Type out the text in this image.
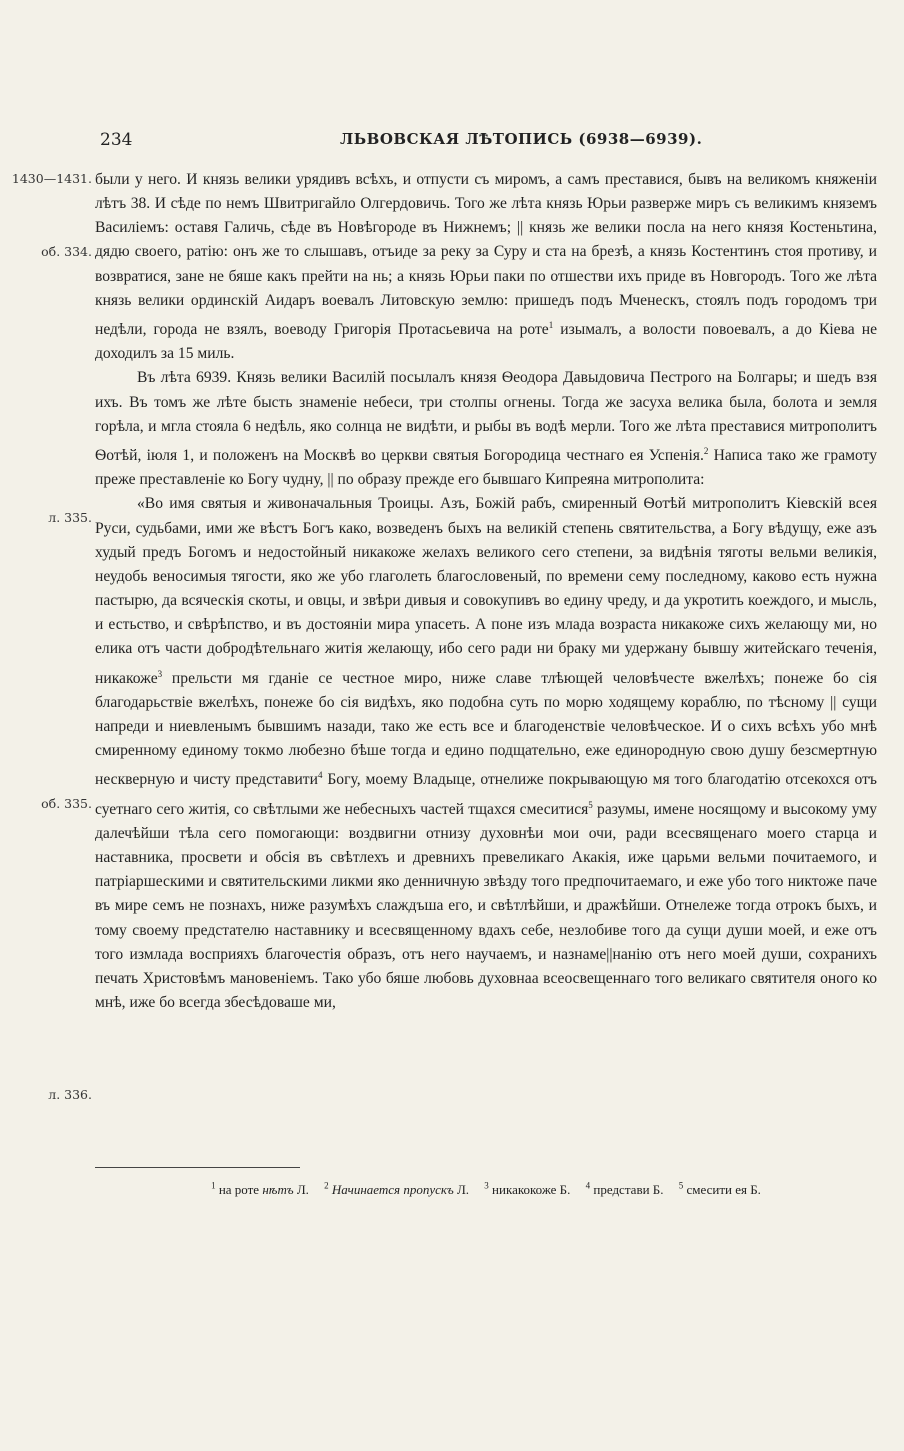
234	ЛЬВОВСКАЯ ЛѢТОПИСЬ (6938—6939).
1430—1431.
об. 334.
л. 335.
об. 335.
л. 336.

были у него. И князь велики урядивъ всѣхъ, и отпусти съ миромъ, а самъ преставися, бывъ на великомъ княженіи лѣтъ 38. И сѣде по немъ Швитригайло Олгердовичь. Того же лѣта князь Юрьи разверже миръ съ великимъ княземъ Василіемъ: оставя Галичь, сѣде въ Новѣгороде въ Нижнемъ; || князь же велики посла на него князя Костеньтина, дядю своего, ратію: онъ же то слышавъ, отъиде за реку за Суру и ста на брезѣ, а князь Костентинъ стоя противу, и возвратися, зане не бяше какъ прейти на нь; а князь Юрьи паки по отшестви ихъ приде въ Новгородъ. Того же лѣта князь велики ординскій Аидаръ воевалъ Литовскую землю: пришедъ подъ Мченескъ, стоялъ подъ городомъ три недѣли, города не взялъ, воеводу Григорія Протасьевича на роте$^1$ изымалъ, а волости повоевалъ, а до Кіева не доходилъ за 15 миль.

Въ лѣта 6939. Князь велики Василій посылалъ князя Ѳеодора Давыдовича Пестрого на Болгары; и шедъ взя ихъ. Въ томъ же лѣте бысть знаменіе небеси, три столпы огнены. Тогда же засуха велика была, болота и земля горѣла, и мгла стояла 6 недѣль, яко солнца не видѣти, и рыбы въ водѣ мерли. Того же лѣта преставися митрополитъ Ѳотѣй, іюля 1, и положенъ на Москвѣ во церкви святыя Богородица честнаго ея Успенія.$^2$ Написа тако же грамоту преже преставленіе ко Богу чудну, || по образу прежде его бывшаго Кипреяна митрополита:

«Во имя святыя и живоначальныя Троицы. Азъ, Божій рабъ, смиренный Ѳотѣй митрополитъ Кіевскій всея Руси, судьбами, ими же вѣстъ Богъ како, возведенъ быхъ на великій степень святительства, а Богу вѣдущу, еже азъ худый предъ Богомъ и недостойный никакоже желахъ великого сего степени, за видѣнія тяготы вельми великія, неудобь веносимыя тягости, яко же убо глаголеть благословеный, по времени сему последному, каково есть нужна пастырю, да всяческія скоты, и овцы, и звѣри дивыя и совокупивъ во едину чреду, и да укротить коеждого, и мысль, и естьство, и свѣрѣпство, и въ достояніи мира упасеть. А поне изъ млада возраста никакоже сихъ желающу ми, но елика отъ части добродѣтельнаго житія желающу, ибо сего ради ни браку ми удержану бывшу житейскаго теченія, никакоже$^3$ прельсти мя гданіе се честное миро, ниже славе тлѣющей человѣчесте вжелѣхъ; понеже бо сія благодарьствіе вжелѣхъ, понеже бо сія видѣхъ, яко подобна суть по морю ходящему кораблю, по тѣсному || сущи напреди и ниевленымъ бывшимъ назади, тако же есть все и благоденствіе человѣческое. И о сихъ всѣхъ убо мнѣ смиренному единому токмо любезно бѣше тогда и едино подщательно, еже единородную свою душу безсмертную нескверную и чисту представити$^4$ Богу, моему Владыце, отнелиже покрывающую мя того благодатію отсекохся отъ суетнаго сего житія, со свѣтлыми же небесныхъ частей тщахся смеситися$^5$ разумы, имене носящому и высокому уму далечѣйши тѣла сего помогающи: воздвигни отнизу духовнѣи мои очи, ради всесвященаго моего старца и наставника, просвети и обсія въ свѣтлехъ и древнихъ превеликаго Акакія, иже царьми вельми почитаемого, и патріаршескими и святительскими ликми яко денничную звѣзду того предпочитаемаго, и еже убо того никтоже паче въ мире семъ не познахъ, ниже разумѣхъ слаждъша его, и свѣтлѣйши, и дражѣйши. Отнележе тогда отрокъ быхъ, и тому своему предстателю наставнику и всесвященному вдахъ себе, незлобиве того да сущи души моей, и еже отъ того измлада восприяхъ благочестія образъ, отъ него научаемъ, и назнаме||нанію отъ него моей души, сохранихъ печать Христовѣмъ мановеніемъ. Тако убо бяше любовь духовнаа всеосвещеннаго того великаго святителя оного ко мнѣ, иже бо всегда збесѣдоваше ми,

$^1$ на роте нѣтъ Л. $^2$ Начинается пропускъ Л. $^3$ никакокоже Б. $^4$ представи Б. $^5$ смесити ея Б.
